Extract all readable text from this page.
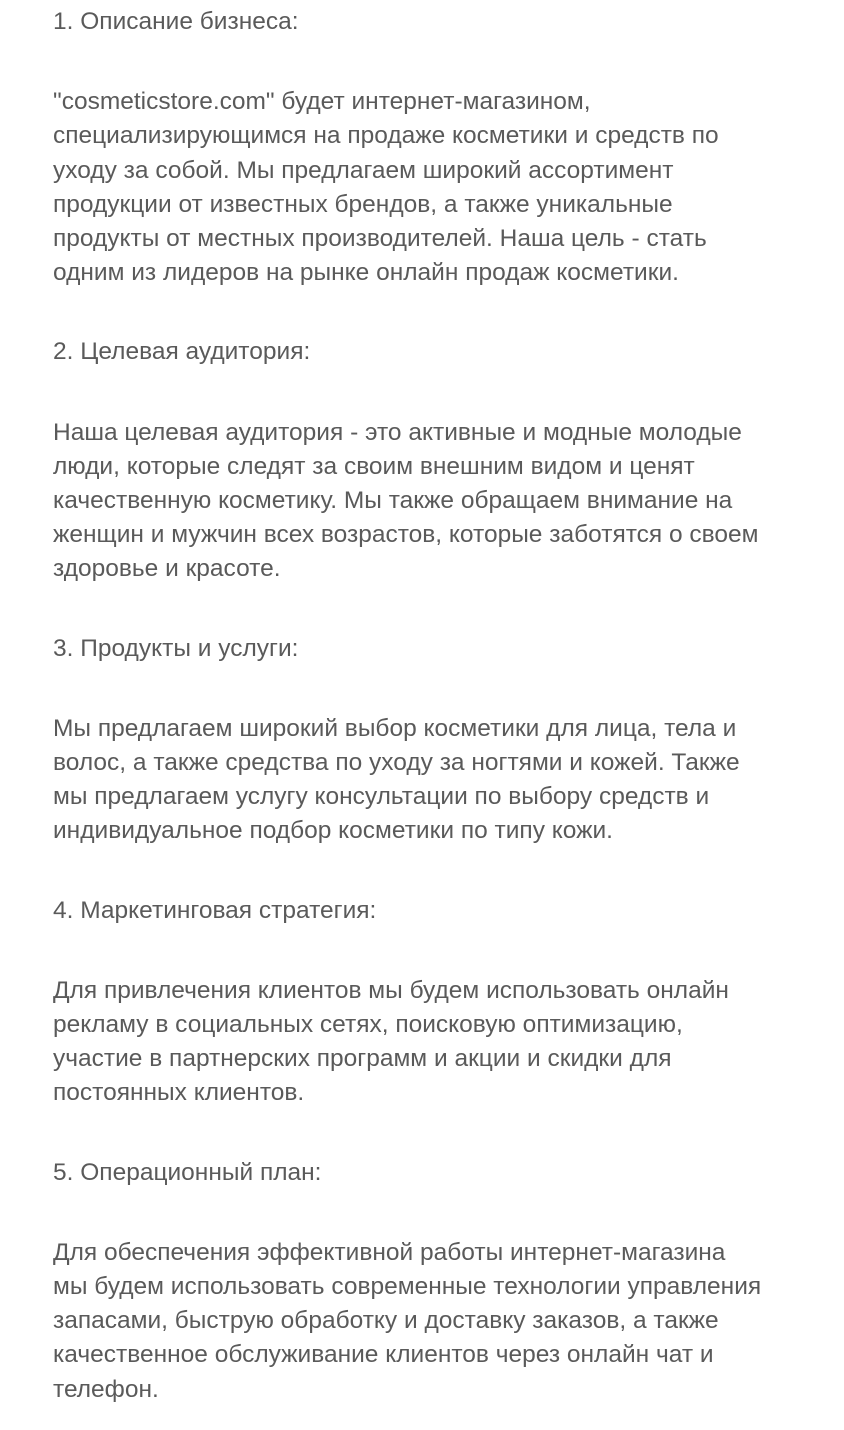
1. Описание бизнеса:

"cosmeticstore.com" будет интернет-магазином,
специализирующимся на продаже косметики и средств по
уходу за собой. Мы предлагаем широкий ассортимент
продукции от известных брендов, а также уникальные
продукты от местных производителей. Наша цель - стать
одним из лидеров на рынке онлайн продаж косметики.

2. Целевая аудитория:

Наша целевая аудитория - это активные и модные молодые
люди, которые следят за своим внешним видом и ценят
качественную косметику. Мы также обращаем внимание на
женщин и мужчин всех возрастов, которые заботятся о своем
здоровье и красоте.

3. Продукты и услуги:

Мы предлагаем широкий выбор косметики для лица, тела и
волос, а также средства по уходу за ногтями и кожей. Также
мы предлагаем услугу консультации по выбору средств и
индивидуальное подбор косметики по типу кожи.

4. Маркетинговая стратегия:

Для привлечения клиентов мы будем использовать онлайн
рекламу в социальных сетях, поисковую оптимизацию,
участие в партнерских программ и акции и скидки для
постоянных клиентов.

5. Операционный план:

Для обеспечения эффективной работы интернет-магазина
мы будем использовать современные технологии управления
запасами, быструю обработку и доставку заказов, а также
качественное обслуживание клиентов через онлайн чат и
телефон.
